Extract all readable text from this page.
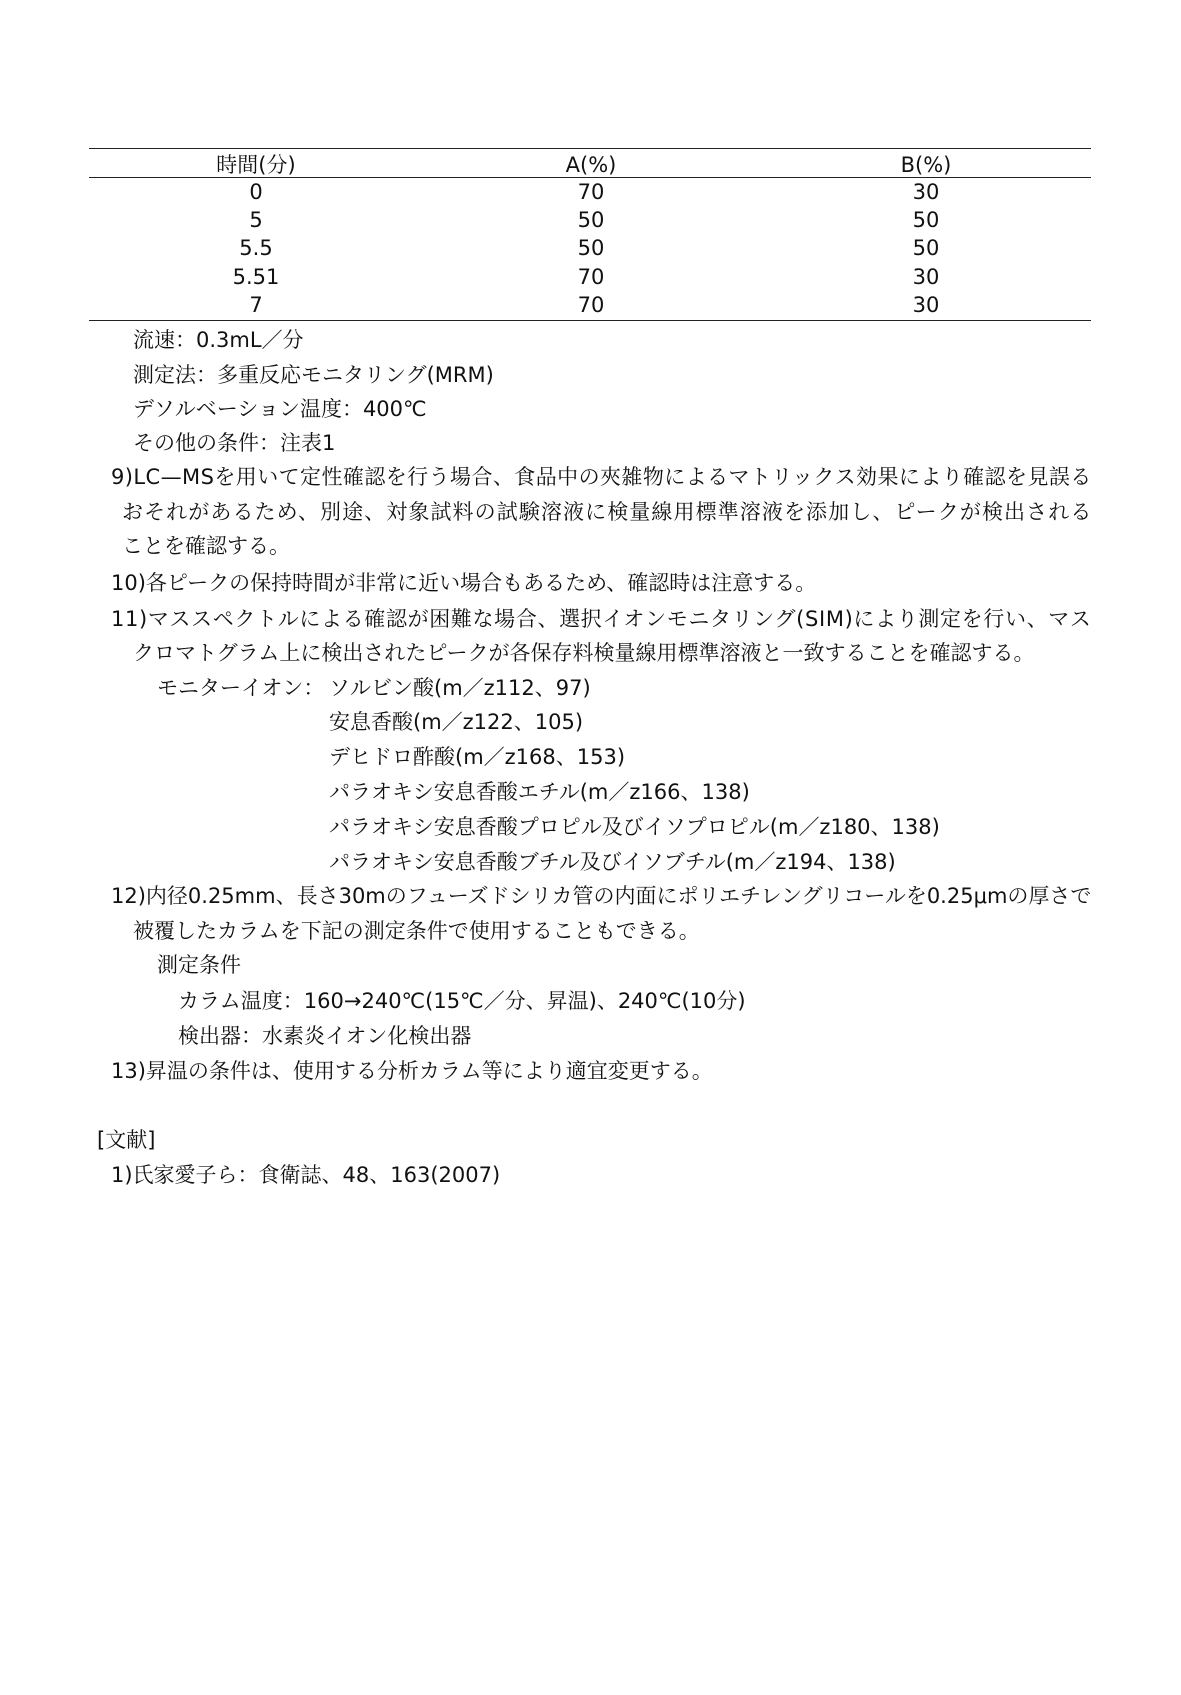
時間(分)	A(%)	B(%)
0	70	30
5	50	50
5.5	50	50
5.51	70	30
7	70	30
流速：0.3mL／分
測定法：多重反応モニタリング(MRM)
デソルベーション温度：400℃
その他の条件：注表1
9)LC—MSを用いて定性確認を行う場合、食品中の夾雑物によるマトリックス効果により確認を見誤る
おそれがあるため、別途、対象試料の試験溶液に検量線用標準溶液を添加し、ピークが検出される
ことを確認する。
10)各ピークの保持時間が非常に近い場合もあるため、確認時は注意する。
11)マススペクトルによる確認が困難な場合、選択イオンモニタリング(SIM)により測定を行い、マス
クロマトグラム上に検出されたピークが各保存料検量線用標準溶液と一致することを確認する。
モニターイオン： ソルビン酸(m／z112、97)
安息香酸(m／z122、105)
デヒドロ酢酸(m／z168、153)
パラオキシ安息香酸エチル(m／z166、138)
パラオキシ安息香酸プロピル及びイソプロピル(m／z180、138)
パラオキシ安息香酸ブチル及びイソブチル(m／z194、138)
12)内径0.25mm、長さ30mのフューズドシリカ管の内面にポリエチレングリコールを0.25μmの厚さで
被覆したカラムを下記の測定条件で使用することもできる。
測定条件
カラム温度：160→240℃(15℃／分、昇温)、240℃(10分)
検出器：水素炎イオン化検出器
13)昇温の条件は、使用する分析カラム等により適宜変更する。
[文献]
1)氏家愛子ら：食衛誌、48、163(2007)
